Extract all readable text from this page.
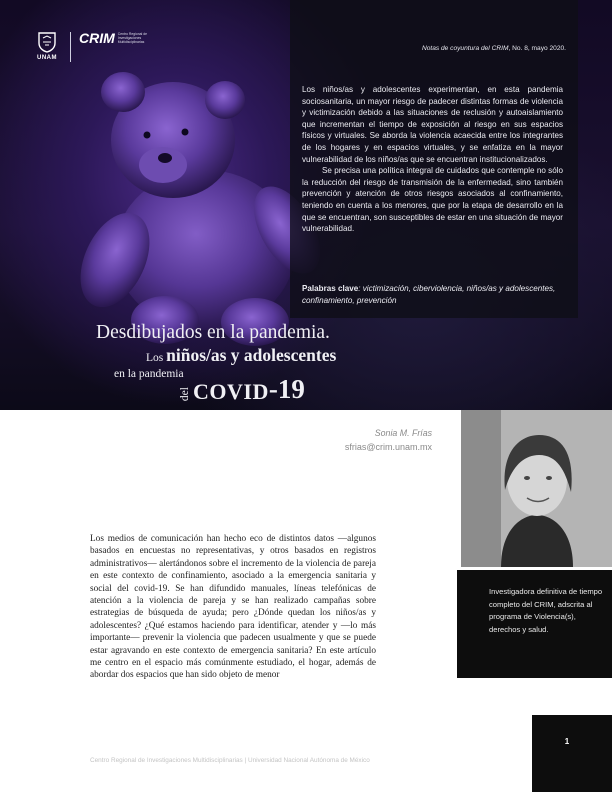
UNAM
CRIM Centro Regional de Investigaciones Multidisciplinarias
Notas de coyuntura del CRIM, No. 8, mayo 2020.

Los niños/as y adolescentes experimentan, en esta pandemia sociosanitaria, un mayor riesgo de padecer distintas formas de violencia y victimización debido a las situaciones de reclusión y autoaislamiento que incrementan el tiempo de exposición al riesgo en sus espacios físicos y virtuales. Se aborda la violencia acaecida entre los integrantes de los hogares y en espacios virtuales, y se enfatiza en la mayor vulnerabilidad de los niños/as que se encuentran institucionalizados.

Se precisa una política integral de cuidados que contemple no sólo la reducción del riesgo de transmisión de la enfermedad, sino también prevención y atención de otros riesgos asociados al confinamiento, teniendo en cuenta a los menores, que por la etapa de desarrollo en la que se encuentran, son susceptibles de estar en una situación de mayor vulnerabilidad.

Palabras clave: victimización, ciberviolencia, niños/as y adolescentes, confinamiento, prevención
Desdibujados en la pandemia.
Los niños/as y adolescentes
en la pandemia
del COVID -19
Sonia M. Frías
sfrias@crim.unam.mx
Investigadora definitiva de tiempo completo del CRIM, adscrita al programa de Violencia(s), derechos y salud.
Los medios de comunicación han hecho eco de distintos datos —algunos basados en encuestas no representativas, y otros basados en registros administrativos— alertándonos sobre el incremento de la violencia de pareja en este contexto de confinamiento, asociado a la emergencia sanitaria y social del covid-19. Se han difundido manuales, líneas telefónicas de atención a la violencia de pareja y se han realizado campañas sobre estrategias de búsqueda de ayuda; pero ¿Dónde quedan los niños/as y adolescentes? ¿Qué estamos haciendo para identificar, atender y —lo más importante— prevenir la violencia que padecen usualmente y que se puede estar agravando en este contexto de emergencia sanitaria? En este artículo me centro en el espacio más comúnmente estudiado, el hogar, además de abordar dos espacios que han sido objeto de menor
Centro Regional de Investigaciones Multidisciplinarias | Universidad Nacional Autónoma de México
1
